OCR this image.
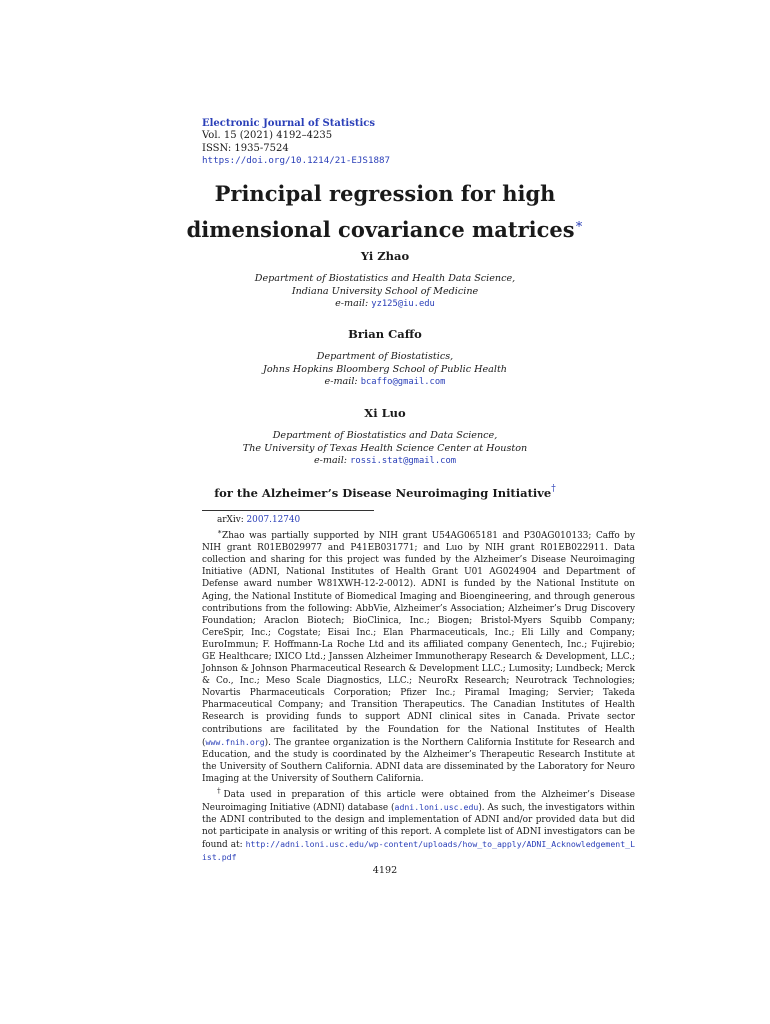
Electronic Journal of Statistics
Vol. 15 (2021) 4192–4235
ISSN: 1935-7524
https://doi.org/10.1214/21-EJS1887
Principal regression for high
dimensional covariance matrices∗
Yi Zhao
Department of Biostatistics and Health Data Science,
Indiana University School of Medicine
e-mail: yz125@iu.edu
Brian Caffo
Department of Biostatistics,
Johns Hopkins Bloomberg School of Public Health
e-mail: bcaffo@gmail.com
Xi Luo
Department of Biostatistics and Data Science,
The University of Texas Health Science Center at Houston
e-mail: rossi.stat@gmail.com
for the Alzheimer’s Disease Neuroimaging Initiative†

arXiv: 2007.12740

∗Zhao was partially supported by NIH grant U54AG065181 and P30AG010133; Caffo by NIH grant R01EB029977 and P41EB031771; and Luo by NIH grant R01EB022911. Data collection and sharing for this project was funded by the Alzheimer’s Disease Neuroimaging Initiative (ADNI, National Institutes of Health Grant U01 AG024904 and Department of Defense award number W81XWH-12-2-0012). ADNI is funded by the National Institute on Aging, the National Institute of Biomedical Imaging and Bioengineering, and through generous contributions from the following: AbbVie, Alzheimer’s Association; Alzheimer’s Drug Discovery Foundation; Araclon Biotech; BioClinica, Inc.; Biogen; Bristol-Myers Squibb Company; CereSpir, Inc.; Cogstate; Eisai Inc.; Elan Pharmaceuticals, Inc.; Eli Lilly and Company; EuroImmun; F. Hoffmann-La Roche Ltd and its affiliated company Genentech, Inc.; Fujirebio; GE Healthcare; IXICO Ltd.; Janssen Alzheimer Immunotherapy Research & Development, LLC.; Johnson & Johnson Pharmaceutical Research & Development LLC.; Lumosity; Lundbeck; Merck & Co., Inc.; Meso Scale Diagnostics, LLC.; NeuroRx Research; Neurotrack Technologies; Novartis Pharmaceuticals Corporation; Pfizer Inc.; Piramal Imaging; Servier; Takeda Pharmaceutical Company; and Transition Therapeutics. The Canadian Institutes of Health Research is providing funds to support ADNI clinical sites in Canada. Private sector contributions are facilitated by the Foundation for the National Institutes of Health (www.fnih.org). The grantee organization is the Northern California Institute for Research and Education, and the study is coordinated by the Alzheimer’s Therapeutic Research Institute at the University of Southern California. ADNI data are disseminated by the Laboratory for Neuro Imaging at the University of Southern California.

†Data used in preparation of this article were obtained from the Alzheimer’s Disease Neuroimaging Initiative (ADNI) database (adni.loni.usc.edu). As such, the investigators within the ADNI contributed to the design and implementation of ADNI and/or provided data but did not participate in analysis or writing of this report. A complete list of ADNI investigators can be found at: http://adni.loni.usc.edu/wp-content/uploads/how_to_apply/ADNI_Acknowledgement_List.pdf

4192
